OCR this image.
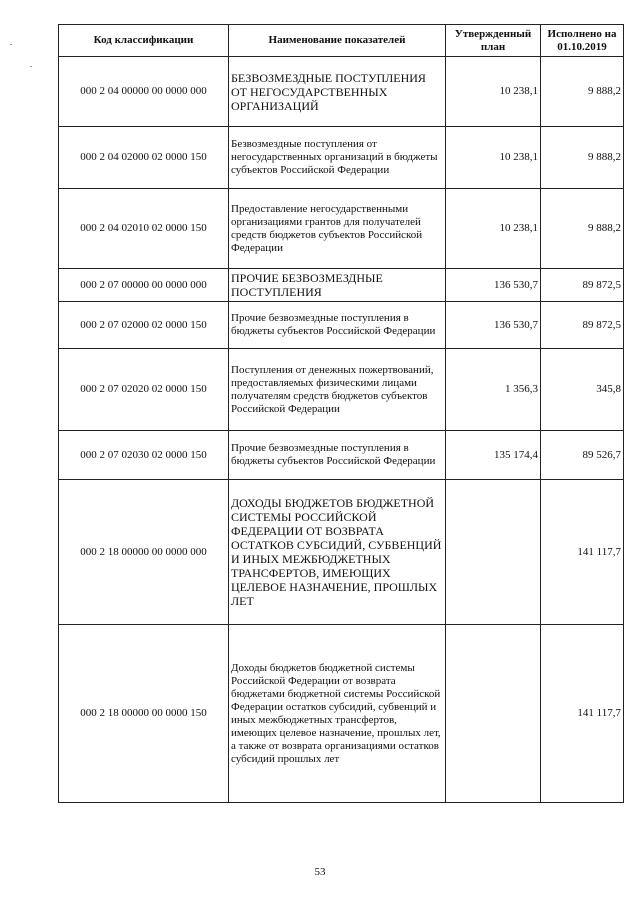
Код классификации	Наименование показателей	Утвержденный план	Исполнено на 01.10.2019
000 2 04 00000 00 0000 000	БЕЗВОЗМЕЗДНЫЕ ПОСТУПЛЕНИЯ ОТ НЕГОСУДАРСТВЕННЫХ ОРГАНИЗАЦИЙ	10 238,1	9 888,2
000 2 04 02000 02 0000 150	Безвозмездные поступления от негосударственных организаций в бюджеты субъектов Российской Федерации	10 238,1	9 888,2
000 2 04 02010 02 0000 150	Предоставление негосударственными организациями грантов для получателей средств бюджетов субъектов Российской Федерации	10 238,1	9 888,2
000 2 07 00000 00 0000 000	ПРОЧИЕ БЕЗВОЗМЕЗДНЫЕ ПОСТУПЛЕНИЯ	136 530,7	89 872,5
000 2 07 02000 02 0000 150	Прочие безвозмездные поступления в бюджеты субъектов Российской Федерации	136 530,7	89 872,5
000 2 07 02020 02 0000 150	Поступления от денежных пожертвований, предоставляемых физическими лицами получателям средств бюджетов субъектов Российской Федерации	1 356,3	345,8
000 2 07 02030 02 0000 150	Прочие безвозмездные поступления в бюджеты субъектов Российской Федерации	135 174,4	89 526,7
000 2 18 00000 00 0000 000	ДОХОДЫ БЮДЖЕТОВ БЮДЖЕТНОЙ СИСТЕМЫ РОССИЙСКОЙ ФЕДЕРАЦИИ ОТ ВОЗВРАТА ОСТАТКОВ СУБСИДИЙ, СУБВЕНЦИЙ И ИНЫХ МЕЖБЮДЖЕТНЫХ ТРАНСФЕРТОВ, ИМЕЮЩИХ ЦЕЛЕВОЕ НАЗНАЧЕНИЕ, ПРОШЛЫХ ЛЕТ		141 117,7
000 2 18 00000 00 0000 150	Доходы бюджетов бюджетной системы Российской Федерации от возврата бюджетами бюджетной системы Российской Федерации остатков субсидий, субвенций и иных межбюджетных трансфертов, имеющих целевое назначение, прошлых лет, а также от возврата организациями остатков субсидий прошлых лет		141 117,7
53
